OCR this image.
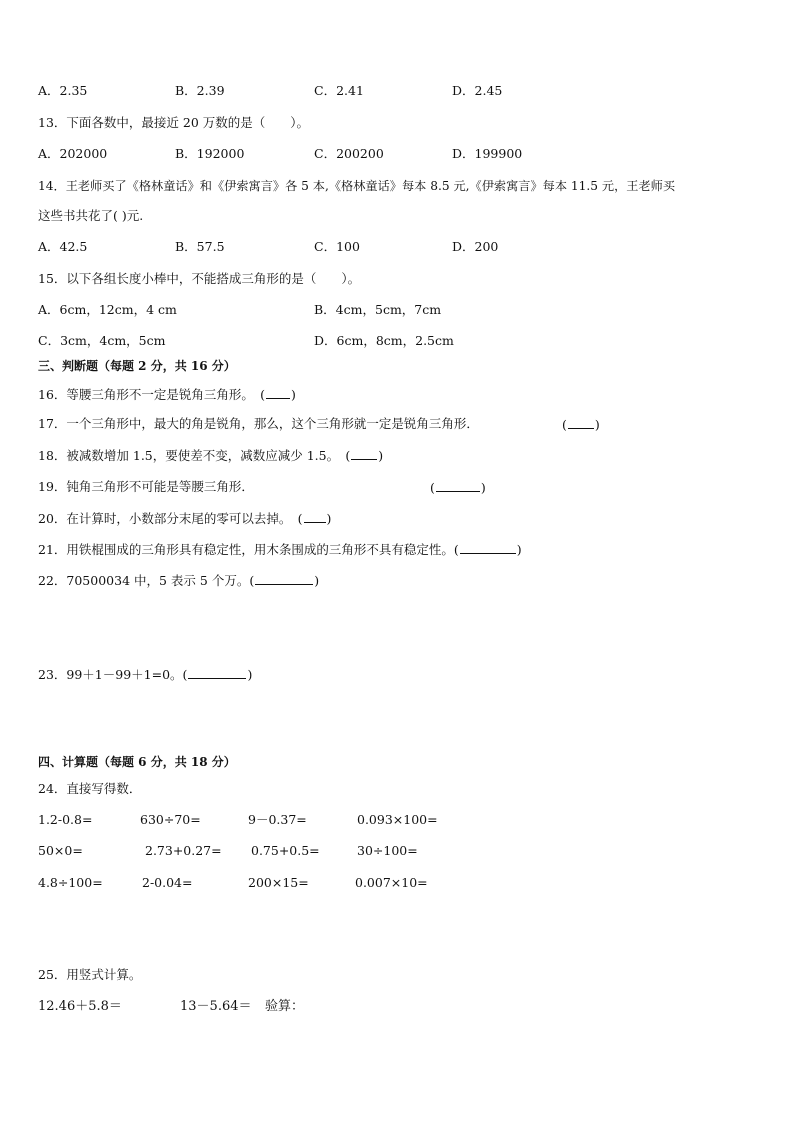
A．2.35	B．2.39	C．2.41	D．2.45
13．下面各数中，最接近 20 万数的是（　　）。
A．202000	B．192000	C．200200	D．199900
14．王老师买了《格林童话》和《伊索寓言》各 5 本,《格林童话》每本 8.5 元,《伊索寓言》每本 11.5 元，王老师买
这些书共花了( )元.
A．42.5	B．57.5	C．100	D．200
15．以下各组长度小棒中，不能搭成三角形的是（　　）。
A．6cm，12cm，4 cm	B．4cm，5cm，7cm
C．3cm，4cm，5cm	D．6cm，8cm，2.5cm
三、判断题（每题 2 分，共 16 分）
16．等腰三角形不一定是锐角三角形。　( )
17．一个三角形中，最大的角是锐角，那么，这个三角形就一定是锐角三角形．	( )
18．被减数增加 1.5，要使差不变，减数应减少 1.5。　( )
19．钝角三角形不可能是等腰三角形．	(	)
20．在计算时，小数部分末尾的零可以去掉。　( )
21．用铁棍围成的三角形具有稳定性，用木条围成的三角形不具有稳定性。(	)
22．70500034 中，5 表示 5 个万。(	)
23．99＋1－99＋1=0。(	)
四、计算题（每题 6 分，共 18 分）
24．直接写得数．
1.2-0.8=	630÷70=	9－0.37=	0.093×100=
50×0=	2.73+0.27= 0.75+0.5=	30÷100=
4.8÷100=	2-0.04=	200×15=	0.007×10=
25．用竖式计算。
12.46＋5.8＝	13－5.64＝ 验算：
